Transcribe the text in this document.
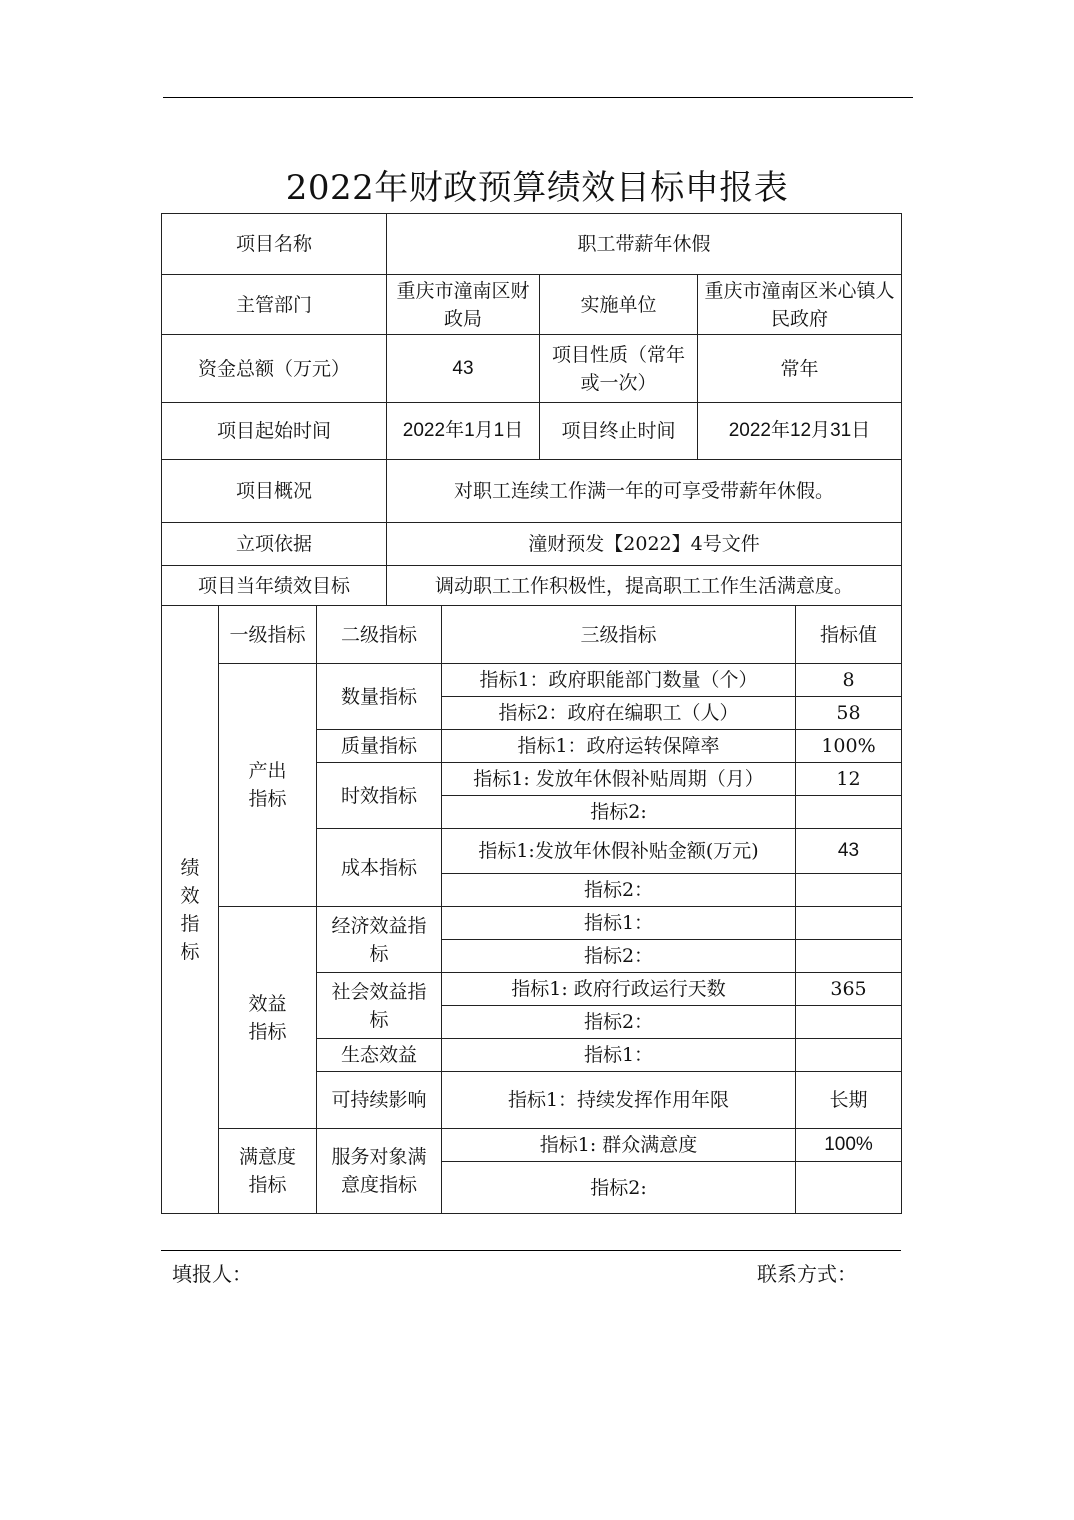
2022年财政预算绩效目标申报表
项目名称			职工带薪年休假				
主管部门			重庆市潼南区财政局		实施单位	重庆市潼南区米心镇人民政府	
资金总额（万元）			43		项目性质（常年或一次）	常年	
项目起始时间			2022年1月1日		项目终止时间	2022年12月31日	
项目概况			对职工连续工作满一年的可享受带薪年休假。				
立项依据			潼财预发【2022】4号文件				
项目当年绩效目标			调动职工工作积极性，提高职工工作生活满意度。				
绩效指标	一级指标	二级指标		三级指标			指标值
	产出指标	数量指标		指标1：政府职能部门数量（个）			8
				指标2：政府在编职工（人）			58
		质量指标		指标1：政府运转保障率			100%
		时效指标		指标1: 发放年休假补贴周期（月）			12
				指标2:			
		成本指标		指标1:发放年休假补贴金额(万元)			43
				指标2：			
	效益指标	经济效益指标		指标1：			
				指标2：			
		社会效益指标		指标1: 政府行政运行天数			365
				指标2：			
		生态效益		指标1：			
		可持续影响		指标1：持续发挥作用年限			长期
	满意度指标	服务对象满意度指标		指标1: 群众满意度			100%
				指标2:			
填报人：	联系方式：
